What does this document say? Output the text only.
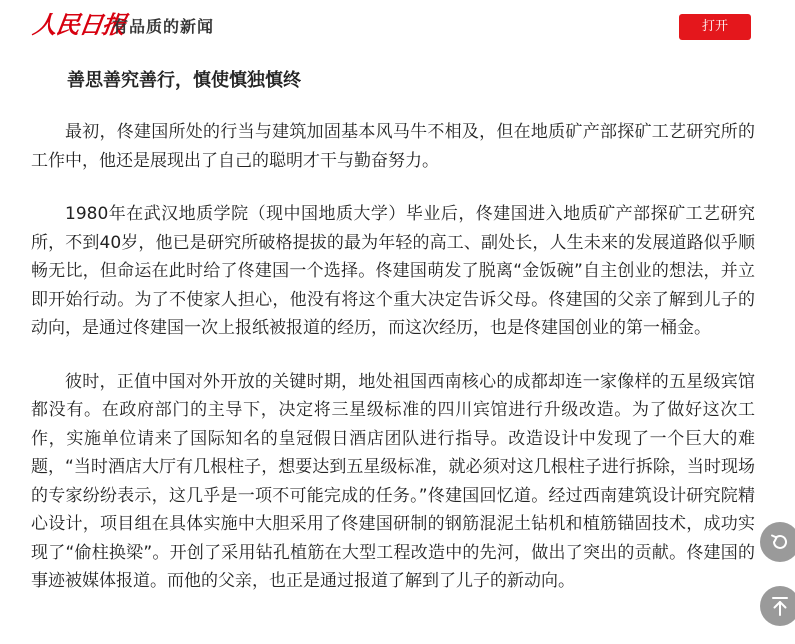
人民日报
有品质的新闻	打开
善思善究善行，慎使慎独慎终

最初，佟建国所处的行当与建筑加固基本风马牛不相及，但在地质矿产部探矿工艺研究所的工作中，他还是展现出了自己的聪明才干与勤奋努力。

1980年在武汉地质学院（现中国地质大学）毕业后，佟建国进入地质矿产部探矿工艺研究所，不到40岁，他已是研究所破格提拔的最为年轻的高工、副处长，人生未来的发展道路似乎顺畅无比，但命运在此时给了佟建国一个选择。佟建国萌发了脱离“金饭碗”自主创业的想法，并立即开始行动。为了不使家人担心，他没有将这个重大决定告诉父母。佟建国的父亲了解到儿子的动向，是通过佟建国一次上报纸被报道的经历，而这次经历，也是佟建国创业的第一桶金。

彼时，正值中国对外开放的关键时期，地处祖国西南核心的成都却连一家像样的五星级宾馆都没有。在政府部门的主导下，决定将三星级标准的四川宾馆进行升级改造。为了做好这次工作，实施单位请来了国际知名的皇冠假日酒店团队进行指导。改造设计中发现了一个巨大的难题，“当时酒店大厅有几根柱子，想要达到五星级标准，就必须对这几根柱子进行拆除，当时现场的专家纷纷表示，这几乎是一项不可能完成的任务。”佟建国回忆道。经过西南建筑设计研究院精心设计，项目组在具体实施中大胆采用了佟建国研制的钢筋混泥土钻机和植筋锚固技术，成功实现了“偷柱换梁”。开创了采用钻孔植筋在大型工程改造中的先河，做出了突出的贡献。佟建国的事迹被媒体报道。而他的父亲，也正是通过报道了解到了儿子的新动向。
